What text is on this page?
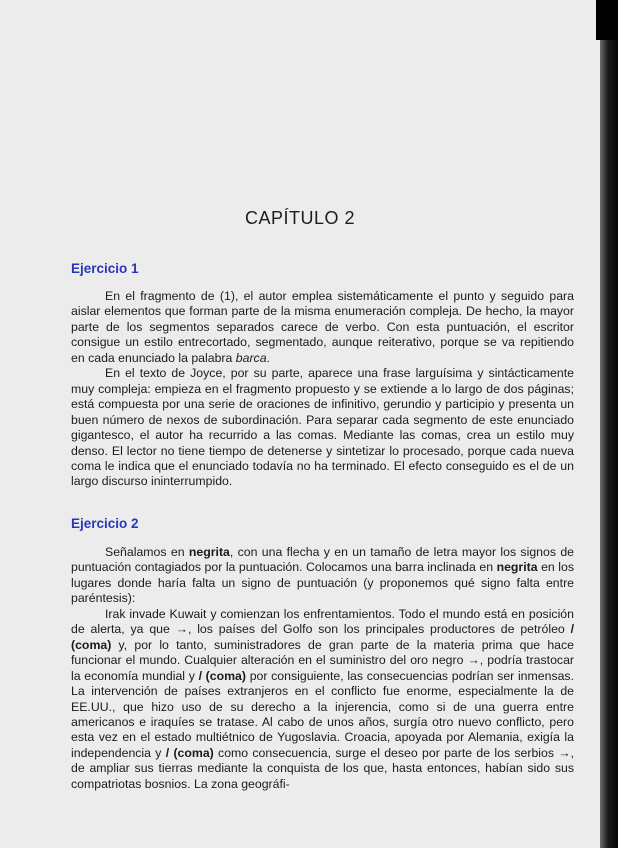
CAPÍTULO 2
Ejercicio 1

En el fragmento de (1), el autor emplea sistemáticamente el punto y seguido para aislar elementos que forman parte de la misma enumeración compleja. De hecho, la mayor parte de los segmentos separados carece de verbo. Con esta puntuación, el escritor consigue un estilo entrecortado, segmentado, aunque reiterativo, porque se va repitiendo en cada enunciado la palabra barca.

En el texto de Joyce, por su parte, aparece una frase larguísima y sintácticamente muy compleja: empieza en el fragmento propuesto y se extiende a lo largo de dos páginas; está compuesta por una serie de oraciones de infinitivo, gerundio y participio y presenta un buen número de nexos de subordinación. Para separar cada segmento de este enunciado gigantesco, el autor ha recurrido a las comas. Mediante las comas, crea un estilo muy denso. El lector no tiene tiempo de detenerse y sintetizar lo procesado, porque cada nueva coma le indica que el enunciado todavía no ha terminado. El efecto conseguido es el de un largo discurso ininterrumpido.

Ejercicio 2

Señalamos en negrita, con una flecha y en un tamaño de letra mayor los signos de puntuación contagiados por la puntuación. Colocamos una barra inclinada en negrita en los lugares donde haría falta un signo de puntuación (y proponemos qué signo falta entre paréntesis):

Irak invade Kuwait y comienzan los enfrentamientos. Todo el mundo está en posición de alerta, ya que →, los países del Golfo son los principales productores de petróleo / (coma) y, por lo tanto, suministradores de gran parte de la materia prima que hace funcionar el mundo. Cualquier alteración en el suministro del oro negro →, podría trastocar la economía mundial y / (coma) por consiguiente, las consecuencias podrían ser inmensas. La intervención de países extranjeros en el conflicto fue enorme, especialmente la de EE.UU., que hizo uso de su derecho a la injerencia, como si de una guerra entre americanos e iraquíes se tratase. Al cabo de unos años, surgía otro nuevo conflicto, pero esta vez en el estado multiétnico de Yugoslavia. Croacia, apoyada por Alemania, exigía la independencia y / (coma) como consecuencia, surge el deseo por parte de los serbios →, de ampliar sus tierras mediante la conquista de los que, hasta entonces, habían sido sus compatriotas bosnios. La zona geográfi-
